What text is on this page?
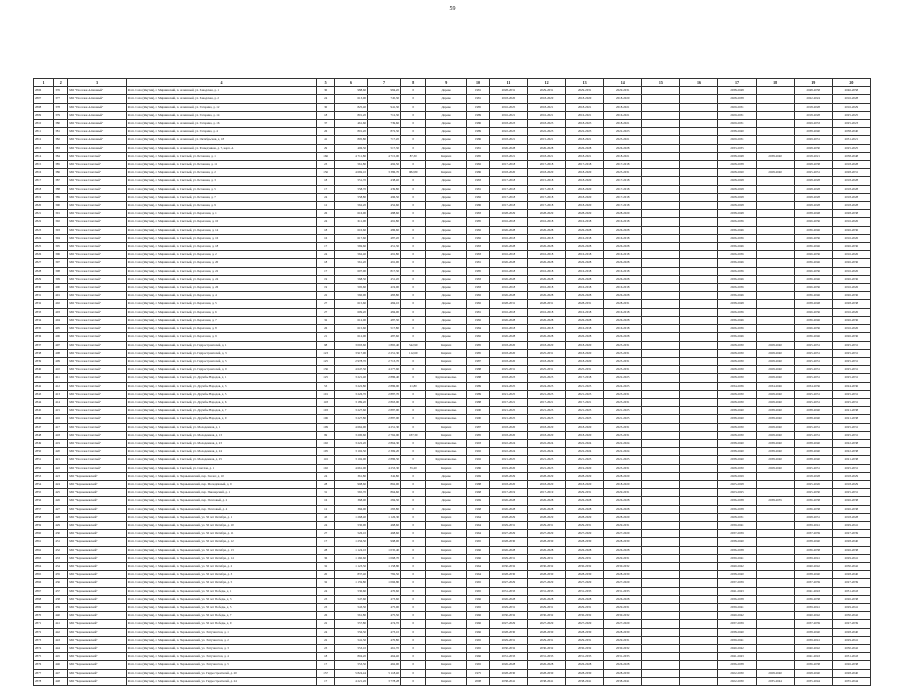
59
1	2	3	4	5	6	7	8	9	10	11	12	13	14	15	16	17	18	19	20
2806	376	МО "Поселок Алмазный"	Респ. Саха (Якутия), г. Мирнинский, п. Алмазный, ул. Заводская, д. 1	30	988,60	984,20	0	Дерево	1981	2028-2031	2029-2031	2029-2031	2029-2031			2038-2048		2048-2058	2046-2058
2807	377	МО "Поселок Алмазный"	Респ. Саха (Якутия), г. Мирнинский, п. Алмазный, ул. Заводская, д. 2	24	613,90	745,30	0	Дерево	1981	2018-2020	2018-2020	2018-2020	2018-2020			2028-2038		2022-2024	2016-2028
2808	378	МО "Поселок Алмазный"	Респ. Саха (Якутия), г. Мирнинский, п. Алмазный, ул. Гагарина, д. 12	30	825,40	941,30	0	Дерево	1985	2016-2025	2018-2021	2018-2021	2018-2021			2029-2031		2018-2028	2016-2029
2809	379	МО "Поселок Алмазный"	Респ. Саха (Якутия), г. Мирнинский, п. Алмазный, ул. Гагарина, д. 14	18	801,20	712,30	0	Дерево	1989	2016-2021	2016-2021	2016-2021	2016-2021			2029-2031		2018-2028	2025-2025
2810	380	МО "Поселок Алмазный"	Респ. Саха (Якутия), г. Мирнинский, п. Алмазный, ул. Гагарина, д. 16	37	461,60	739,60	0	Дерево	1986	2018-2023	2018-2023	2018-2023	2018-2021			2029-2031		2029-2033	2025-2023
2811	381	МО "Поселок Алмазный"	Респ. Саха (Якутия), г. Мирнинский, п. Алмазный, ул. Гагарина, д. 4	26	801,20	872,30	0	Дерево	1989	2022-2023	2022-2023	2022-2023	2022-2023			2038-2040		2038-2040	2038-2040
2812	382	МО "Поселок Алмазный"	Респ. Саха (Якутия), г. Мирнинский, п. Алмазный, ул. Октябрьская, д. 18	41	805,80	717,20	0	Дерево	1986	2018-2021	2015-2021	2018-2021	2025-2021			2029-2031		2029-2031	2031-2021
2813	383	МО "Поселок Алмазный"	Респ. Саха (Якутия), г. Мирнинский, п. Алмазный, ул. Разведчиков, д. 7, корп. А	29	406,50	517,30	0	Дерево	1981	2026-2028	2026-2028	2026-2028	2026-2028			2033-2035		2028-2030	2025-2025
2814	384	МО "Поселок Светлый"	Респ. Саха (Якутия), г. Мирнинский, п. Светлый, ул. Бетонная, д. 1	166	4 711,80	4 715,00	87,30	Кирпич	1985	2018-2021	2018-2021	2018-2021	2018-2021			2038-2048	2038-2040	2018-2021	2038-2048
2815	385	МО "Поселок Светлый"	Респ. Саха (Якутия), г. Мирнинский, п. Светлый, ул. Бетонная, д. 11	23	561,80	492,50	0	Дерево	1982	2017-2018	2017-2018	2017-2018	2017-2018			2028-2038		2028-2038	2018-2028
2816	386	МО "Поселок Светлый"	Респ. Саха (Якутия), г. Мирнинский, п. Светлый, ул. Бетонная, д. 2	156	4 669,10	3 386,70	982,80	Кирпич	1986	2018-2020	2018-2020	2018-2020	2025-2031			2028-2020	2028-2040	2025-2031	2028-2031
2817	387	МО "Поселок Светлый"	Респ. Саха (Якутия), г. Мирнинский, п. Светлый, ул. Бетонная, д. 3	18	551,70	438,40	0	Дерево	1983	2017-2018	2015-2018	2018-2020	2017-2018			2028-2028		2028-2028	2018-2028
2818	388	МО "Поселок Светлый"	Респ. Саха (Якутия), г. Мирнинский, п. Светлый, ул. Бетонная, д. 5	17	558,70	439,80	0	Дерево	1981	2017-2018	2017-2018	2018-2020	2017-2018			2028-2028		2028-2028	2018-2028
2819	389	МО "Поселок Светлый"	Респ. Саха (Якутия), г. Мирнинский, п. Светлый, ул. Бетонная, д. 7	24	558,80	496,50	0	Дерево	1982	2017-2018	2017-2018	2018-2020	2017-2018			2028-2028		2028-2028	2018-2028
2820	390	МО "Поселок Светлый"	Респ. Саха (Якутия), г. Мирнинский, п. Светлый, ул. Бетонная, д. 9	12	562,20	452,60	0	Дерево	1986	2017-2018	2017-2018	2018-2020	2017-2018			2028-2028		2028-2028	2018-2028
2821	391	МО "Поселок Светлый"	Респ. Саха (Якутия), г. Мирнинский, п. Светлый, ул. Береговая, д. 1	26	616,90	488,60	0	Дерево	1983	2028-2029	2028-2029	2028-2029	2028-2029			2038-2048		2038-2048	2028-2038
2822	392	МО "Поселок Светлый"	Респ. Саха (Якутия), г. Мирнинский, п. Светлый, ул. Береговая, д. 10	24	611,00	491,80	0	Дерево	1985	2016-2018	2016-2018	2016-2018	2016-2018			2026-2036		2026-2036	2016-2026
2823	393	МО "Поселок Светлый"	Респ. Саха (Якутия), г. Мирнинский, п. Светлый, ул. Береговая, д. 14	18	610,60	486,60	0	Дерево	1982	2026-2028	2026-2028	2026-2028	2026-2028			2036-2046		2036-2046	2026-2036
2824	394	МО "Поселок Светлый"	Респ. Саха (Якутия), г. Мирнинский, п. Светлый, ул. Береговая, д. 16	16	617,60	487,20	0	Дерево	1982	2016-2018	2016-2018	2016-2018	2016-2018			2026-2036		2026-2036	2016-2026
2825	395	МО "Поселок Светлый"	Респ. Саха (Якутия), г. Мирнинский, п. Светлый, ул. Береговая, д. 18	17	569,60	451,30	0	Дерево	1983	2026-2028	2026-2028	2026-2028	2026-2028			2036-2046		2036-2046	2026-2036
2826	396	МО "Поселок Светлый"	Респ. Саха (Якутия), г. Мирнинский, п. Светлый, ул. Береговая, д. 2	24	562,40	491,80	0	Дерево	1983	2016-2018	2016-2018	2016-2018	2016-2018			2026-2036		2026-2036	2016-2026
2827	397	МО "Поселок Светлый"	Респ. Саха (Якутия), г. Мирнинский, п. Светлый, ул. Береговая, д. 20	18	561,20	491,90	0	Дерево	1981	2026-2028	2026-2028	2026-2028	2026-2028			2036-2046		2036-2046	2026-2036
2828	398	МО "Поселок Светлый"	Респ. Саха (Якутия), г. Мирнинский, п. Светлый, ул. Береговая, д. 22	17	607,00	817,30	0	Дерево	1985	2016-2018	2016-2018	2016-2018	2016-2018			2026-2036		2026-2036	2016-2026
2829	399	МО "Поселок Светлый"	Респ. Саха (Якутия), г. Мирнинский, п. Светлый, ул. Береговая, д. 24	19	568,50	451,20	0	Дерево	1983	2026-2028	2026-2028	2026-2028	2026-2028			2036-2046		2036-2046	2026-2036
2830	400	МО "Поселок Светлый"	Респ. Саха (Якутия), г. Мирнинский, п. Светлый, ул. Береговая, д. 26	19	595,60	419,00	0	Дерево	1983	2016-2018	2016-2018	2016-2018	2016-2018			2026-2036		2026-2036	2016-2026
2831	401	МО "Поселок Светлый"	Респ. Саха (Якутия), г. Мирнинский, п. Светлый, ул. Береговая, д. 4	22	560,90	483,80	0	Дерево	1982	2026-2028	2026-2028	2026-2028	2026-2028			2036-2046		2036-2046	2026-2036
2832	402	МО "Поселок Светлый"	Респ. Саха (Якутия), г. Мирнинский, п. Светлый, ул. Береговая, д. 5	27	615,60	484,10	0	Дерево	1982	2028-2031	2028-2031	2028-2031	2028-2031			2038-2048		2038-2048	2028-2038
2833	403	МО "Поселок Светлый"	Респ. Саха (Якутия), г. Мирнинский, п. Светлый, ул. Береговая, д. 6	27	609,20	484,00	0	Дерево	1981	2016-2018	2016-2018	2016-2018	2016-2018			2026-2036		2026-2036	2016-2026
2834	404	МО "Поселок Светлый"	Респ. Саха (Якутия), г. Мирнинский, п. Светлый, ул. Береговая, д. 7	32	612,00	487,30	0	Дерево	1982	2026-2028	2026-2028	2026-2028	2026-2028			2036-2046		2036-2046	2026-2036
2835	405	МО "Поселок Светлый"	Респ. Саха (Якутия), г. Мирнинский, п. Светлый, ул. Береговая, д. 8	26	615,60	517,80	0	Дерево	1984	2016-2018	2016-2018	2016-2018	2016-2018			2026-2036		2026-2036	2016-2026
2836	406	МО "Поселок Светлый"	Респ. Саха (Якутия), г. Мирнинский, п. Светлый, ул. Береговая, д. 9	21	612,00	487,60	0	Дерево	1982	2026-2028	2026-2028	2026-2028	2026-2028			2036-2046		2036-2046	2026-2036
2837	407	МО "Поселок Светлый"	Респ. Саха (Якутия), г. Мирнинский, п. Светлый, ул. Гидростроителей, д. 1	98	3 093,60	1 865,40	542,90	Кирпич	1985	2018-2020	2018-2020	2018-2020	2025-2031			2028-2030	2028-2040	2025-2031	2025-2031
2838	408	МО "Поселок Светлый"	Респ. Саха (Якутия), г. Мирнинский, п. Светлый, ул. Гидростроителей, д. 3	123	3 917,90	2 251,30	112,60	Кирпич	1985	2018-2020	2025-2031	2018-2020	2025-2031			2028-2030	2028-2040	2025-2031	2025-2031
2839	409	МО "Поселок Светлый"	Респ. Саха (Якутия), г. Мирнинский, п. Светлый, ул. Гидростроителей, д. 5	125	2 978,70	2 713,70	0	Кирпич	1987	2018-2020	2018-2020	2018-2020	2025-2031			2028-2030	2028-2040	2025-2031	2025-2031
2840	410	МО "Поселок Светлый"	Респ. Саха (Якутия), г. Мирнинский, п. Светлый, ул. Гидростроителей, д. 9	136	4 647,50	4 277,60	0	Кирпич	1988	2025-2031	2025-2031	2025-2031	2025-2031			2028-2030	2028-2040	2025-2031	2025-2031
2841	411	МО "Поселок Светлый"	Респ. Саха (Якутия), г. Мирнинский, п. Светлый, ул. Дружбы Народов, д. 1	125	3 221,40	2 886,40	0	Крупнопанельн.	1988	2018-2023	2022-2025	2017-2018	2022-2025			2028-2030	2028-2040	2025-2031	2025-2031
2842	412	МО "Поселок Светлый"	Респ. Саха (Якутия), г. Мирнинский, п. Светлый, ул. Дружбы Народов, д. 3	53	3 222,80	2 886,90	21,80	Крупнопанельн.	1989	2024-2025	2024-2025	2021-2025	2024-2025			2034-2036	2034-2046	2034-2036	2024-2036
2843	413	МО "Поселок Светлый"	Респ. Саха (Якутия), г. Мирнинский, п. Светлый, ул. Дружбы Народов, д. 5	101	3 226,70	2 887,70	0	Крупнопанельн.	1989	2021-2025	2021-2025	2021-2025	2025-2031			2028-2030	2028-2040	2025-2031	2025-2031
2844	414	МО "Поселок Светлый"	Респ. Саха (Якутия), г. Мирнинский, п. Светлый, ул. Дружбы Народов, д. 6	118	3 189,20	2 863,90	0	Крупнопанельн.	1988	2017-2021	2017-2021	2017-2021	2025-2031			2028-2030	2028-2040	2025-2031	2025-2031
2845	415	МО "Поселок Светлый"	Респ. Саха (Якутия), г. Мирнинский, п. Светлый, ул. Дружбы Народов, д. 7	103	3 227,60	2 887,90	0	Крупнопанельн.	1990	2021-2025	2021-2025	2021-2025	2021-2025			2038-2040	2038-2040	2038-2040	2021-2038
2846	416	МО "Поселок Светлый"	Респ. Саха (Якутия), г. Мирнинский, п. Светлый, ул. Дружбы Народов, д. 9	106	3 227,80	2 887,90	0	Крупнопанельн.	1990	2021-2025	2021-2025	2021-2025	2021-2025			2038-2040	2038-2040	2038-2040	2021-2038
2847	417	МО "Поселок Светлый"	Респ. Саха (Якутия), г. Мирнинский, п. Светлый, ул. Молодежная, д. 1	109	4 662,90	4 251,30	0	Кирпич	1987	2018-2020	2018-2020	2018-2020	2025-2031			2028-2030	2028-2040	2025-2031	2025-2031
2848	418	МО "Поселок Светлый"	Респ. Саха (Якутия), г. Мирнинский, п. Светлый, ул. Молодежная, д. 13	99	3 200,60	2 762,90	187,30	Кирпич	1985	2018-2020	2018-2020	2018-2020	2025-2031			2028-2030	2028-2040	2025-2031	2025-2031
2849	419	МО "Поселок Светлый"	Респ. Саха (Якутия), г. Мирнинский, п. Светлый, ул. Молодежная, д. 23	102	3 222,20	2 864,30	0	Крупнопанельн.	1993	2022-2024	2022-2024	2022-2024	2022-2024			2038-2040	2038-2040	2038-2040	2022-2038
2850	420	МО "Поселок Светлый"	Респ. Саха (Якутия), г. Мирнинский, п. Светлый, ул. Молодежная, д. 24	105	3 192,50	2 369,20	0	Крупнопанельн.	1992	2022-2024	2022-2024	2022-2024	2022-2024			2038-2040	2038-2040	2038-2040	2022-2038
2851	421	МО "Поселок Светлый"	Респ. Саха (Якутия), г. Мирнинский, п. Светлый, ул. Молодежная, д. 25	116	3 192,00	2 886,50	0	Крупнопанельн.	1992	2021-2025	2021-2025	2021-2025	2021-2025			2038-2040	2038-2040	2038-2040	2021-2038
2852	422	МО "Поселок Светлый"	Респ. Саха (Якутия), г. Мирнинский, п. Светлый, ул. Светлая, д. 1	102	4 661,00	4 253,30	55,20	Кирпич	1986	2019-2020	2021-2025	2019-2020	2025-2031			2028-2030	2028-2040	2025-2031	2025-2031
2853	423	МО "Чернышевский"	Респ. Саха (Якутия), г. Мирнинский, п. Чернышевский, пер. Геолог, д. 10	24	361,80	342,80	0	Дерево	1969	2028-2029	2028-2029	2028-2029	2028-2029			2028-2029		2018-2028	2018-2029
2854	424	МО "Чернышевский"	Респ. Саха (Якутия), г. Мирнинский, п. Чернышевский, пер. Молодёжный, д. 9	28	998,60	862,00	0	Кирпич	1988	2018-2020	2018-2020	2018-2020	2018-2020			2025-2028		2025-2026	2018-2029
2855	425	МО "Чернышевский"	Респ. Саха (Якутия), г. Мирнинский, п. Чернышевский, пер. Пионерский, д. 1	31	565,70	864,60	0	Дерево	1968	2017-2019	2017-2019	2029-2031	2029-2031			2023-2025		2025-2030	2025-2031
2856	426	МО "Чернышевский"	Респ. Саха (Якутия), г. Мирнинский, п. Чернышевский, пер. Почтовый, д. 2	16	368,00	284,30	0	Дерево	1969	2026-2028	2026-2028	2026-2028	2026-2028			2036-2038	2038-2035	2036-2038	2026-2038
2857	427	МО "Чернышевский"	Респ. Саха (Якутия), г. Мирнинский, п. Чернышевский, пер. Почтовый, д. 4	12	366,00	283,80	0	Дерево	1968	2026-2028	2026-2028	2026-2028	2026-2028			2036-2038		2036-2038	2026-2038
2858	428	МО "Чернышевский"	Респ. Саха (Якутия), г. Мирнинский, п. Чернышевский, ул. 50 лет Октября, д. 1	43	1 268,40	1 126,30	0	Кирпич	1964	2028-2029	2028-2029	2028-2029	2028-2029			2028-2031		2028-2031	2018-2028
2859	429	МО "Чернышевский"	Респ. Саха (Якутия), г. Мирнинский, п. Чернышевский, ул. 50 лет Октября, д. 10	24	530,90	468,60	0	Кирпич	1964	2029-2031	2029-2031	2029-2031	2029-2031			2039-2041		2039-2041	2029-2041
2860	430	МО "Чернышевский"	Респ. Саха (Якутия), г. Мирнинский, п. Чернышевский, ул. 50 лет Октября, д. 11	27	526,10	468,60	0	Кирпич	1964	2027-2029	2027-2029	2027-2029	2027-2029			2037-2039		2037-2039	2027-2039
2861	431	МО "Чернышевский"	Респ. Саха (Якутия), г. Мирнинский, п. Чернышевский, ул. 50 лет Октября, д. 12	17	1 256,50	998,00	0	Кирпич	1965	2028-2030	2028-2030	2028-2030	2028-2030			2038-2040		2038-2040	2028-2040
2862	432	МО "Чернышевский"	Респ. Саха (Якутия), г. Мирнинский, п. Чернышевский, ул. 50 лет Октября, д. 13	28	1 124,10	1 035,40	0	Кирпич	1966	2026-2028	2026-2028	2026-2028	2026-2028			2036-2038		2036-2038	2026-2038
2863	433	МО "Чернышевский"	Респ. Саха (Якутия), г. Мирнинский, п. Чернышевский, ул. 50 лет Октября, д. 14	36	1 160,60	1 068,70	0	Кирпич	1966	2029-2031	2029-2031	2029-2031	2029-2031			2039-2041		2039-2041	2029-2041
2864	434	МО "Чернышевский"	Респ. Саха (Якутия), г. Мирнинский, п. Чернышевский, ул. 50 лет Октября, д. 2	32	1 123,50	1 158,80	0	Кирпич	1964	2030-2032	2030-2032	2030-2032	2030-2032			2040-2042		2040-2042	2030-2042
2865	435	МО "Чернышевский"	Респ. Саха (Якутия), г. Мирнинский, п. Чернышевский, ул. 50 лет Октября, д. 3	20	837,40	782,50	0	Кирпич	1964	2028-2030	2028-2030	2028-2030	2028-2030			2038-2040		2038-2040	2028-2040
2866	436	МО "Чернышевский"	Респ. Саха (Якутия), г. Мирнинский, п. Чернышевский, ул. 50 лет Октября, д. 5	32	1 159,80	1 066,80	0	Кирпич	1965	2027-2029	2027-2029	2027-2029	2027-2029			2037-2039		2037-2039	2027-2039
2867	437	МО "Чернышевский"	Респ. Саха (Якутия), г. Мирнинский, п. Чернышевский, ул. 50 лет Победы, д. 1	24	530,60	470,60	0	Кирпич	1965	2031-2033	2031-2033	2031-2033	2031-2033			2041-2043		2041-2043	2031-2043
2868	438	МО "Чернышевский"	Респ. Саха (Якутия), г. Мирнинский, п. Чернышевский, ул. 50 лет Победы, д. 3	23	547,60	473,60	0	Кирпич	1966	2026-2028	2026-2028	2026-2028	2026-2028			2036-2038		2036-2038	2026-2038
2869	439	МО "Чернышевский"	Респ. Саха (Якутия), г. Мирнинский, п. Чернышевский, ул. 50 лет Победы, д. 5	23	543,50	475,00	0	Кирпич	1965	2029-2031	2029-2031	2029-2031	2029-2031			2039-2041		2039-2041	2029-2041
2870	440	МО "Чернышевский"	Респ. Саха (Якутия), г. Мирнинский, п. Чернышевский, ул. 50 лет Победы, д. 7	26	561,80	475,50	0	Кирпич	1966	2030-2032	2030-2032	2030-2032	2030-2032			2040-2042		2040-2042	2030-2042
2871	441	МО "Чернышевский"	Респ. Саха (Якутия), г. Мирнинский, п. Чернышевский, ул. 50 лет Победы, д. 9	22	557,80	474,70	0	Кирпич	1966	2027-2029	2027-2029	2027-2029	2027-2029			2037-2039		2037-2039	2027-2039
2872	442	МО "Чернышевский"	Респ. Саха (Якутия), г. Мирнинский, п. Чернышевский, ул. Энтузиастов, д. 1	24	556,50	473,10	0	Кирпич	1966	2028-2030	2028-2030	2028-2030	2028-2030			2038-2040		2038-2040	2028-2040
2873	443	МО "Чернышевский"	Респ. Саха (Якутия), г. Мирнинский, п. Чернышевский, ул. Энтузиастов, д. 2	22	541,50	470,80	0	Кирпич	1965	2029-2031	2029-2031	2029-2031	2029-2031			2039-2041		2039-2041	2029-2041
2874	444	МО "Чернышевский"	Респ. Саха (Якутия), г. Мирнинский, п. Чернышевский, ул. Энтузиастов, д. 3	23	553,10	461,70	0	Кирпич	1965	2030-2032	2030-2032	2030-2032	2030-2032			2040-2042		2040-2042	2030-2042
2875	445	МО "Чернышевский"	Респ. Саха (Якутия), г. Мирнинский, п. Чернышевский, ул. Энтузиастов, д. 4	18	804,20	464,40	0	Кирпич	1966	2031-2033	2031-2033	2031-2033	2031-2033			2041-2043		2041-2043	2031-2043
2876	446	МО "Чернышевский"	Респ. Саха (Якутия), г. Мирнинский, п. Чернышевский, ул. Энтузиастов, д. 5	17	553,50	462,00	0	Кирпич	1965	2026-2028	2026-2028	2026-2028	2026-2028			2036-2038		2036-2038	2026-2038
2877	447	МО "Чернышевский"	Респ. Саха (Якутия), г. Мирнинский, п. Чернышевский, ул. Гидростроителей, д. 20	157	5 824,44	5 118,40	0	Кирпич	1975	2028-2030	2028-2030	2028-2030	2028-2030			2022-2030	2028-2040	2028-2040	2028-2040
2878	448	МО "Чернышевский"	Респ. Саха (Якутия), г. Мирнинский, п. Чернышевский, ул. Гидростроителей, д. 24	17	4 221,26	3 778,28	0	Кирпич	2008	2038-2041	2038-2041	2038-2041	2038-2041			2022-2030	2035-2044	2035-2044	2035-2044
